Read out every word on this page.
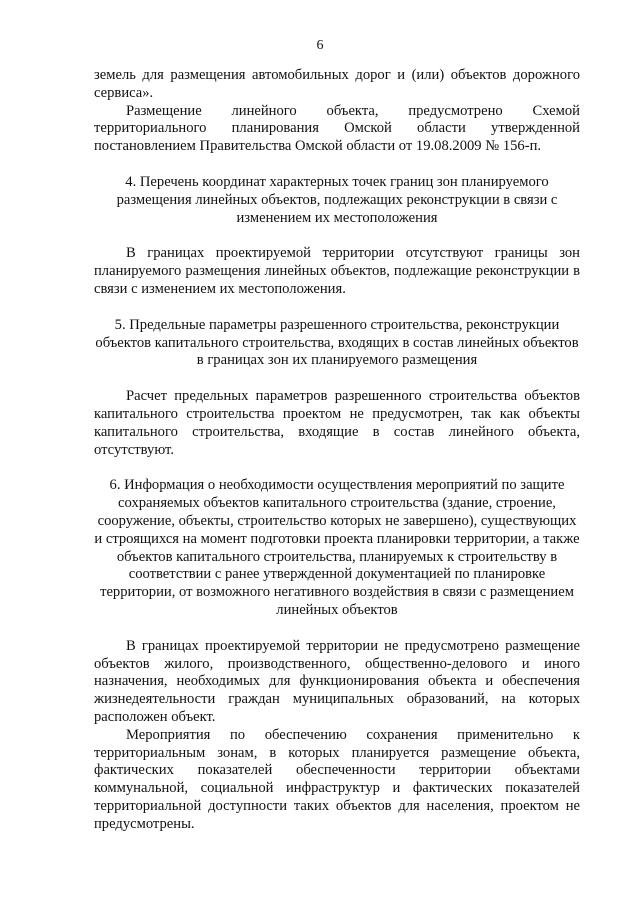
6

земель для размещения автомобильных дорог и (или) объектов дорожного сервиса».

Размещение линейного объекта, предусмотрено Схемой территориального планирования Омской области утвержденной постановлением Правительства Омской области от 19.08.2009 № 156-п.

4. Перечень координат характерных точек границ зон планируемого размещения линейных объектов, подлежащих реконструкции в связи с изменением их местоположения

В границах проектируемой территории отсутствуют границы зон планируемого размещения линейных объектов, подлежащие реконструкции в связи с изменением их местоположения.

5. Предельные параметры разрешенного строительства, реконструкции объектов капитального строительства, входящих в состав линейных объектов в границах зон их планируемого размещения

Расчет предельных параметров разрешенного строительства объектов капитального строительства проектом не предусмотрен, так как объекты капитального строительства, входящие в состав линейного объекта, отсутствуют.

6. Информация о необходимости осуществления мероприятий по защите сохраняемых объектов капитального строительства (здание, строение, сооружение, объекты, строительство которых не завершено), существующих и строящихся на момент подготовки проекта планировки территории, а также объектов капитального строительства, планируемых к строительству в соответствии с ранее утвержденной документацией по планировке территории, от возможного негативного воздействия в связи с размещением линейных объектов

В границах проектируемой территории не предусмотрено размещение объектов жилого, производственного, общественно-делового и иного назначения, необходимых для функционирования объекта и обеспечения жизнедеятельности граждан муниципальных образований, на которых расположен объект.

Мероприятия по обеспечению сохранения применительно к территориальным зонам, в которых планируется размещение объекта, фактических показателей обеспеченности территории объектами коммунальной, социальной инфраструктур и фактических показателей территориальной доступности таких объектов для населения, проектом не предусмотрены.
